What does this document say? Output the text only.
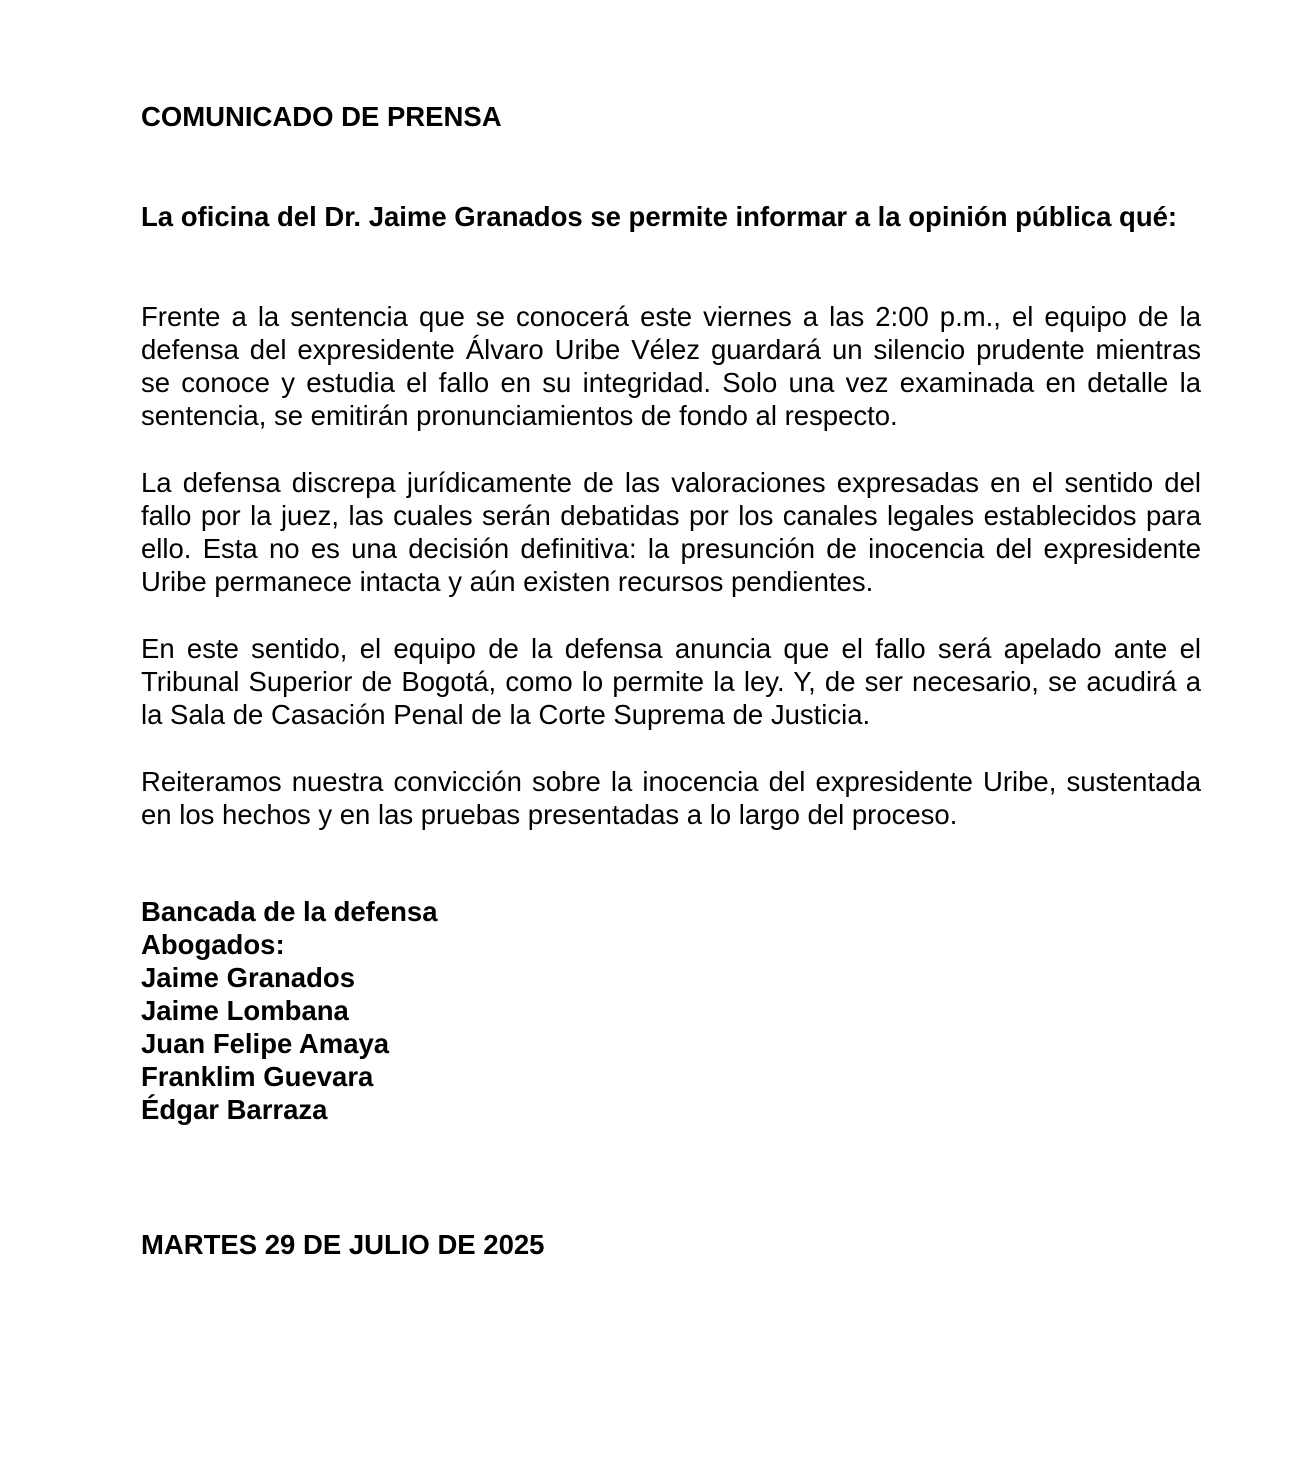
COMUNICADO DE PRENSA

La oficina del Dr. Jaime Granados se permite informar a la opinión pública qué:

Frente a la sentencia que se conocerá este viernes a las 2:00 p.m., el equipo de la defensa del expresidente Álvaro Uribe Vélez guardará un silencio prudente mientras se conoce y estudia el fallo en su integridad. Solo una vez examinada en detalle la sentencia, se emitirán pronunciamientos de fondo al respecto.

La defensa discrepa jurídicamente de las valoraciones expresadas en el sentido del fallo por la juez, las cuales serán debatidas por los canales legales establecidos para ello. Esta no es una decisión definitiva: la presunción de inocencia del expresidente Uribe permanece intacta y aún existen recursos pendientes.

En este sentido, el equipo de la defensa anuncia que el fallo será apelado ante el Tribunal Superior de Bogotá, como lo permite la ley. Y, de ser necesario, se acudirá a la Sala de Casación Penal de la Corte Suprema de Justicia.

Reiteramos nuestra convicción sobre la inocencia del expresidente Uribe, sustentada en los hechos y en las pruebas presentadas a lo largo del proceso.

Bancada de la defensa
Abogados:
Jaime Granados
Jaime Lombana
Juan Felipe Amaya
Franklim Guevara
Édgar Barraza
MARTES 29 DE JULIO DE 2025
